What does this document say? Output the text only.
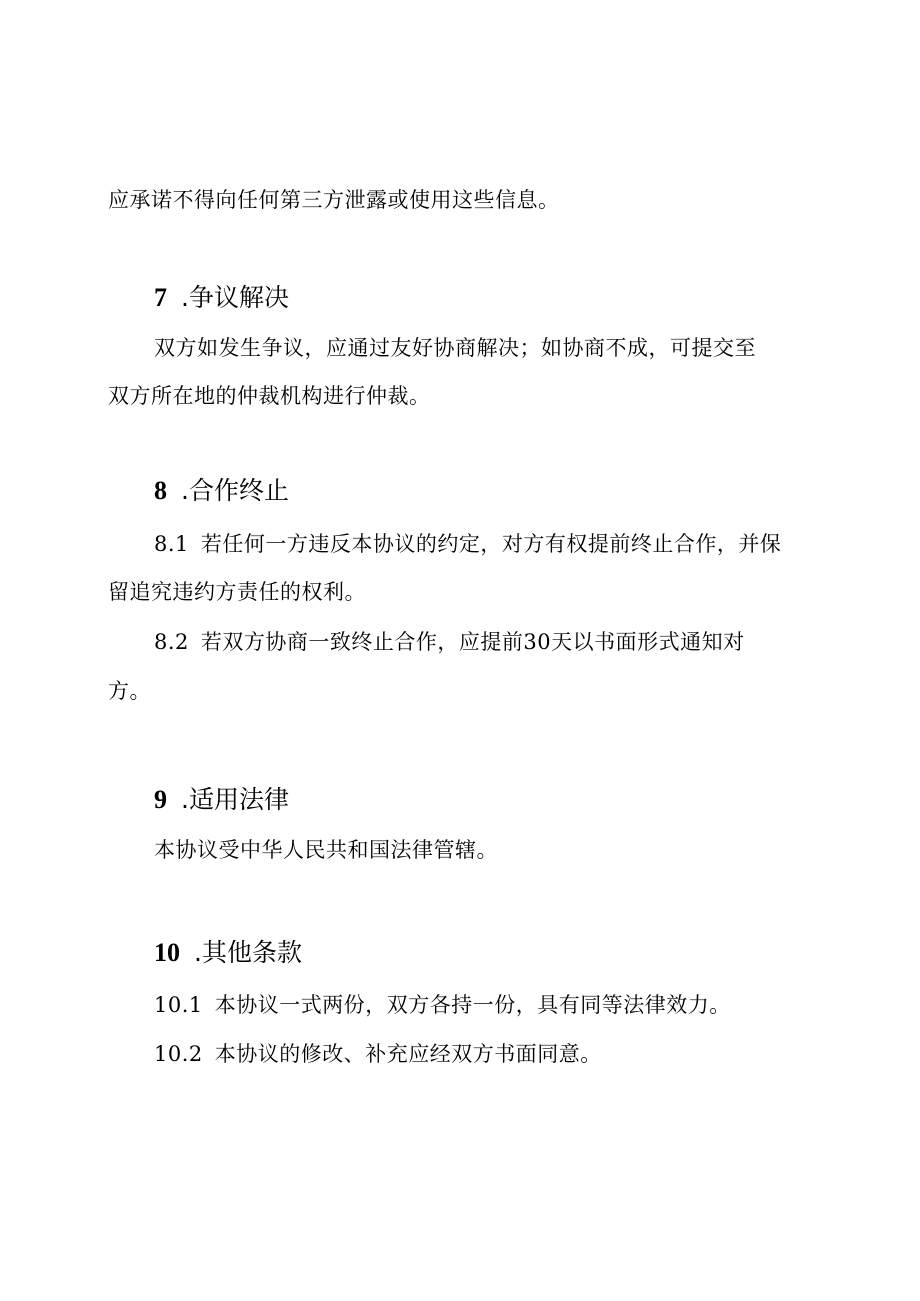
应承诺不得向任何第三方泄露或使用这些信息。
7 .争议解决
双方如发生争议，应通过友好协商解决；如协商不成，可提交至
双方所在地的仲裁机构进行仲裁。
8 .合作终止
8.1 若任何一方违反本协议的约定，对方有权提前终止合作，并保
留追究违约方责任的权利。
8.2 若双方协商一致终止合作，应提前30天以书面形式通知对
方。
9 .适用法律
本协议受中华人民共和国法律管辖。
10 .其他条款
10.1 本协议一式两份，双方各持一份，具有同等法律效力。
10.2 本协议的修改、补充应经双方书面同意。
